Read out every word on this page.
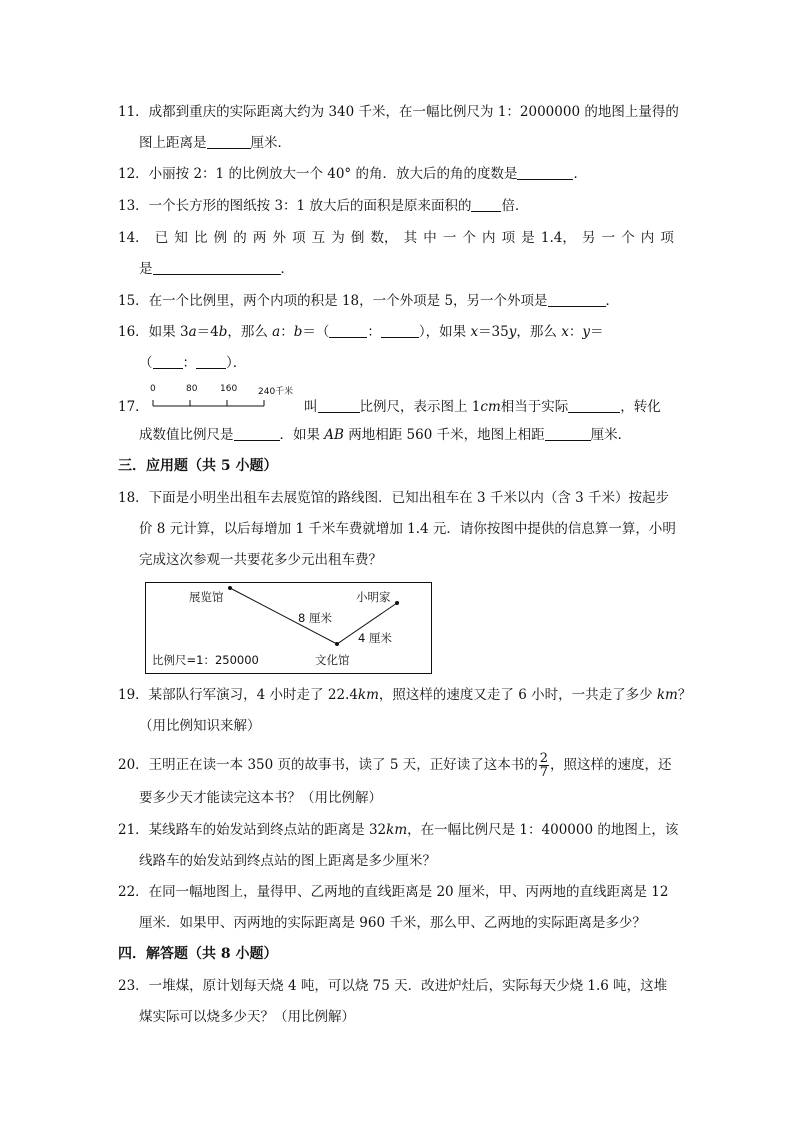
11．成都到重庆的实际距离大约为 340 千米，在一幅比例尺为 1：2000000 的地图上量得的
图上距离是	厘米．
12．小丽按 2：1 的比例放大一个 40° 的角．放大后的角的度数是	．
13．一个长方形的图纸按 3：1 放大后的面积是原来面积的 倍．
14． 已 知 比 例 的 两 外 项 互 为 倒 数， 其 中 一 个 内 项 是 1.4， 另 一 个 内 项
是	．
15．在一个比例里，两个内项的积是 18，一个外项是 5，另一个外项是	．
16．如果 3a＝4b，那么 a：b＝（	：	），如果 x＝35y，那么 x：y＝
（ ： ）．
17．
0	80	160 240千米
叫	比例尺，表示图上 1cm相当于实际	，转化
成数值比例尺是	．如果 AB 两地相距 560 千米，地图上相距	厘米．
三．应用题（共 5 小题）
18．下面是小明坐出租车去展览馆的路线图．已知出租车在 3 千米以内（含 3 千米）按起步
价 8 元计算，以后每增加 1 千米车费就增加 1.4 元．请你按图中提供的信息算一算，小明
完成这次参观一共要花多少元出租车费？
展览馆	小明家
8 厘米
4 厘米
比例尺=1：250000	文化馆
19．某部队行军演习，4 小时走了 22.4km，照这样的速度又走了 6 小时，一共走了多少 km？
（用比例知识来解）
20．王明正在读一本 350 页的故事书，读了 5 天，正好读了这本书的 $\frac{2}{7}$ ，照这样的速度，还
要多少天才能读完这本书？（用比例解）
21．某线路车的始发站到终点站的距离是 32km，在一幅比例尺是 1：400000 的地图上，该
线路车的始发站到终点站的图上距离是多少厘米？
22．在同一幅地图上，量得甲、乙两地的直线距离是 20 厘米，甲、丙两地的直线距离是 12
厘米．如果甲、丙两地的实际距离是 960 千米，那么甲、乙两地的实际距离是多少？
四．解答题（共 8 小题）
23．一堆煤，原计划每天烧 4 吨，可以烧 75 天．改进炉灶后，实际每天少烧 1.6 吨，这堆
煤实际可以烧多少天？（用比例解）
